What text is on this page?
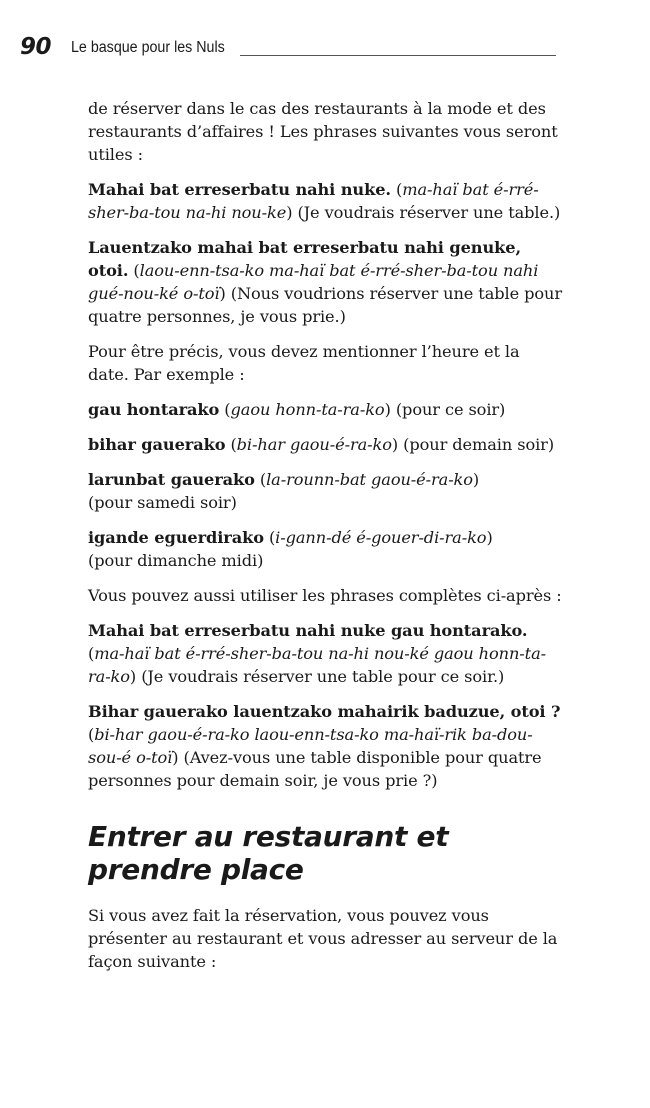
90 Le basque pour les Nuls

de réserver dans le cas des restaurants à la mode et des restaurants d’affaires ! Les phrases suivantes vous seront utiles :

Mahai bat erreserbatu nahi nuke. (ma-haï bat é-rré-sher-ba-tou na-hi nou-ke) (Je voudrais réserver une table.)

Lauentzako mahai bat erreserbatu nahi genuke, otoi. (laou-enn-tsa-ko ma-haï bat é-rré-sher-ba-tou nahi gué-nou-ké o-toï) (Nous voudrions réserver une table pour quatre personnes, je vous prie.)

Pour être précis, vous devez mentionner l’heure et la date. Par exemple :

gau hontarako (gaou honn-ta-ra-ko) (pour ce soir)

bihar gauerako (bi-har gaou-é-ra-ko) (pour demain soir)

larunbat gauerako (la-rounn-bat gaou-é-ra-ko)
(pour samedi soir)

igande eguerdirako (i-gann-dé é-gouer-di-ra-ko)
(pour dimanche midi)

Vous pouvez aussi utiliser les phrases complètes ci-après :

Mahai bat erreserbatu nahi nuke gau hontarako. (ma-haï bat é-rré-sher-ba-tou na-hi nou-ké gaou honn-ta-ra-ko) (Je voudrais réserver une table pour ce soir.)

Bihar gauerako lauentzako mahairik baduzue, otoi ? (bi-har gaou-é-ra-ko laou-enn-tsa-ko ma-haï-rik ba-dou-sou-é o-toï) (Avez-vous une table disponible pour quatre personnes pour demain soir, je vous prie ?)

Entrer au restaurant et prendre place

Si vous avez fait la réservation, vous pouvez vous présenter au restaurant et vous adresser au serveur de la façon suivante :
